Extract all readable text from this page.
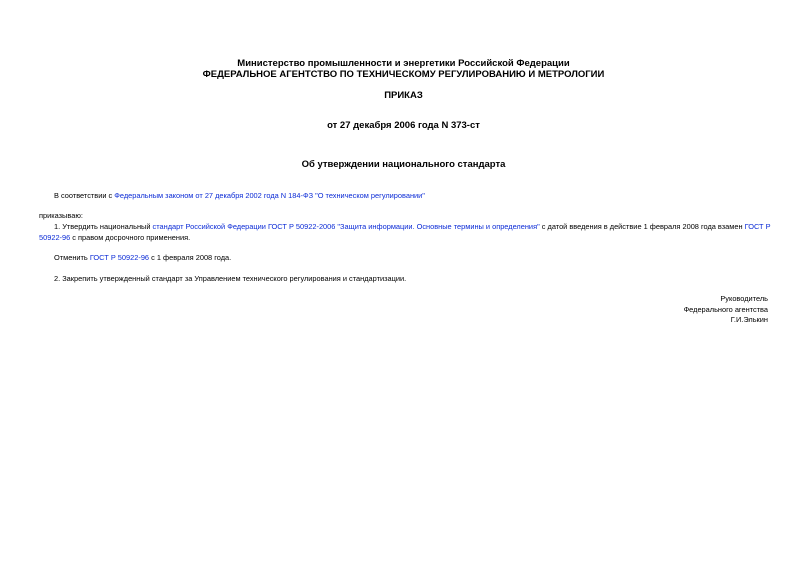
Министерство промышленности и энергетики Российской Федерации
ФЕДЕРАЛЬНОЕ АГЕНТСТВО ПО ТЕХНИЧЕСКОМУ РЕГУЛИРОВАНИЮ И МЕТРОЛОГИИ
ПРИКАЗ
от 27 декабря 2006 года N 373-ст
Об утверждении национального стандарта
В соответствии с Федеральным законом от 27 декабря 2002 года N 184-ФЗ "О техническом регулировании"
приказываю:
1. Утвердить национальный стандарт Российской Федерации ГОСТ Р 50922-2006 "Защита информации. Основные термины и определения" с датой введения в действие 1 февраля 2008 года взамен ГОСТ Р
50922-96 с правом досрочного применения.
Отменить ГОСТ Р 50922-96 с 1 февраля 2008 года.
2. Закрепить утвержденный стандарт за Управлением технического регулирования и стандартизации.
Руководитель
Федерального агентства
Г.И.Элькин
